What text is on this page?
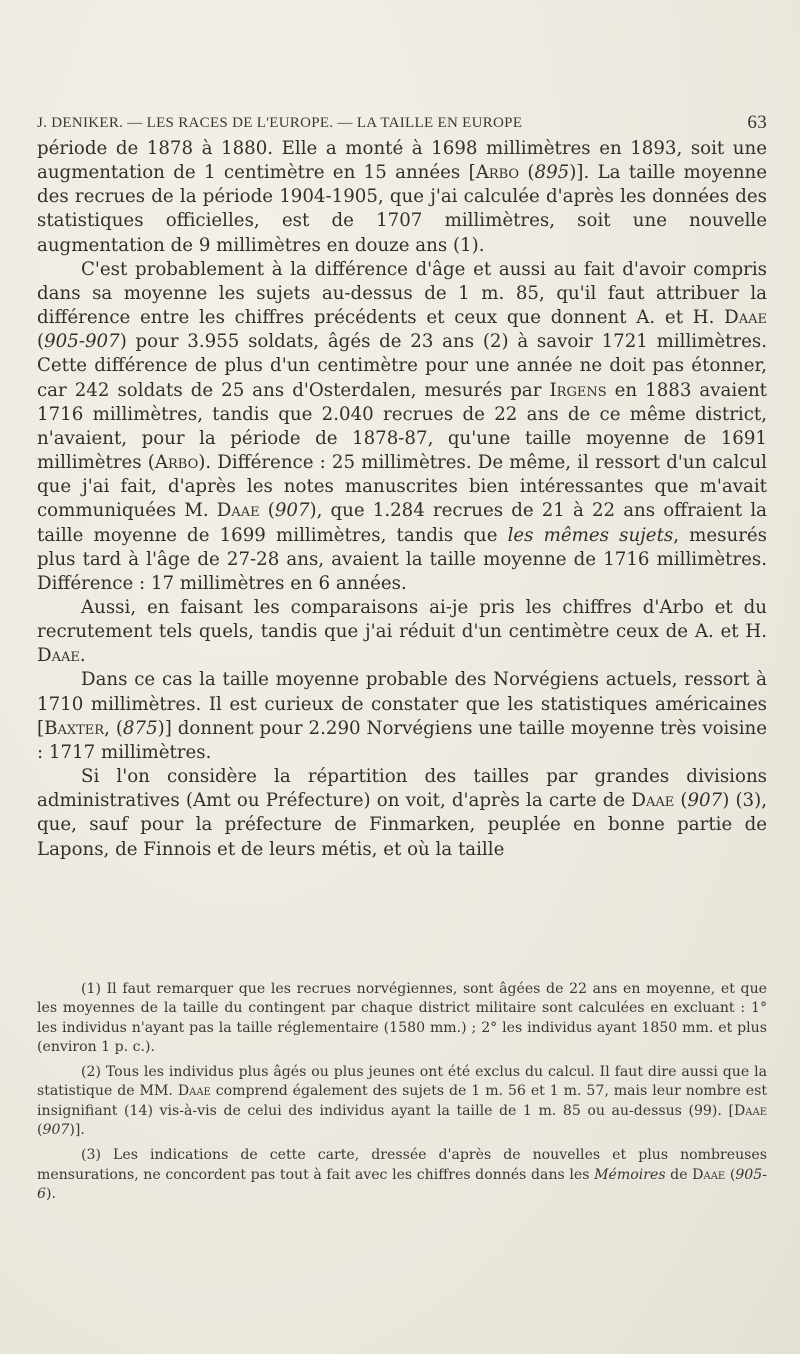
J. DENIKER. — LES RACES DE L'EUROPE. — LA TAILLE EN EUROPE	63

période de 1878 à 1880. Elle a monté à 1698 millimètres en 1893, soit une augmentation de 1 centimètre en 15 années [Arbo (895)]. La taille moyenne des recrues de la période 1904-1905, que j'ai calculée d'après les données des statistiques officielles, est de 1707 millimètres, soit une nouvelle augmentation de 9 millimètres en douze ans (1).

C'est probablement à la différence d'âge et aussi au fait d'avoir compris dans sa moyenne les sujets au-dessus de 1 m. 85, qu'il faut attribuer la différence entre les chiffres précédents et ceux que donnent A. et H. Daae (905-907) pour 3.955 soldats, âgés de 23 ans (2) à savoir 1721 millimètres. Cette différence de plus d'un centimètre pour une année ne doit pas étonner, car 242 soldats de 25 ans d'Osterdalen, mesurés par Irgens en 1883 avaient 1716 millimètres, tandis que 2.040 recrues de 22 ans de ce même district, n'avaient, pour la période de 1878-87, qu'une taille moyenne de 1691 millimètres (Arbo). Différence : 25 millimètres. De même, il ressort d'un calcul que j'ai fait, d'après les notes manuscrites bien intéressantes que m'avait communiquées M. Daae (907), que 1.284 recrues de 21 à 22 ans offraient la taille moyenne de 1699 millimètres, tandis que les mêmes sujets, mesurés plus tard à l'âge de 27-28 ans, avaient la taille moyenne de 1716 millimètres. Différence : 17 millimètres en 6 années.

Aussi, en faisant les comparaisons ai-je pris les chiffres d'Arbo et du recrutement tels quels, tandis que j'ai réduit d'un centimètre ceux de A. et H. Daae.

Dans ce cas la taille moyenne probable des Norvégiens actuels, ressort à 1710 millimètres. Il est curieux de constater que les statistiques américaines [Baxter, (875)] donnent pour 2.290 Norvégiens une taille moyenne très voisine : 1717 millimètres.

Si l'on considère la répartition des tailles par grandes divisions administratives (Amt ou Préfecture) on voit, d'après la carte de Daae (907) (3), que, sauf pour la préfecture de Finmarken, peuplée en bonne partie de Lapons, de Finnois et de leurs métis, et où la taille

(1) Il faut remarquer que les recrues norvégiennes, sont âgées de 22 ans en moyenne, et que les moyennes de la taille du contingent par chaque district militaire sont calculées en excluant : 1° les individus n'ayant pas la taille réglementaire (1580 mm.) ; 2° les individus ayant 1850 mm. et plus (environ 1 p. c.).

(2) Tous les individus plus âgés ou plus jeunes ont été exclus du calcul. Il faut dire aussi que la statistique de MM. Daae comprend également des sujets de 1 m. 56 et 1 m. 57, mais leur nombre est insignifiant (14) vis-à-vis de celui des individus ayant la taille de 1 m. 85 ou au-dessus (99). [Daae (907)].

(3) Les indications de cette carte, dressée d'après de nouvelles et plus nombreuses mensurations, ne concordent pas tout à fait avec les chiffres donnés dans les Mémoires de Daae (905-6).
